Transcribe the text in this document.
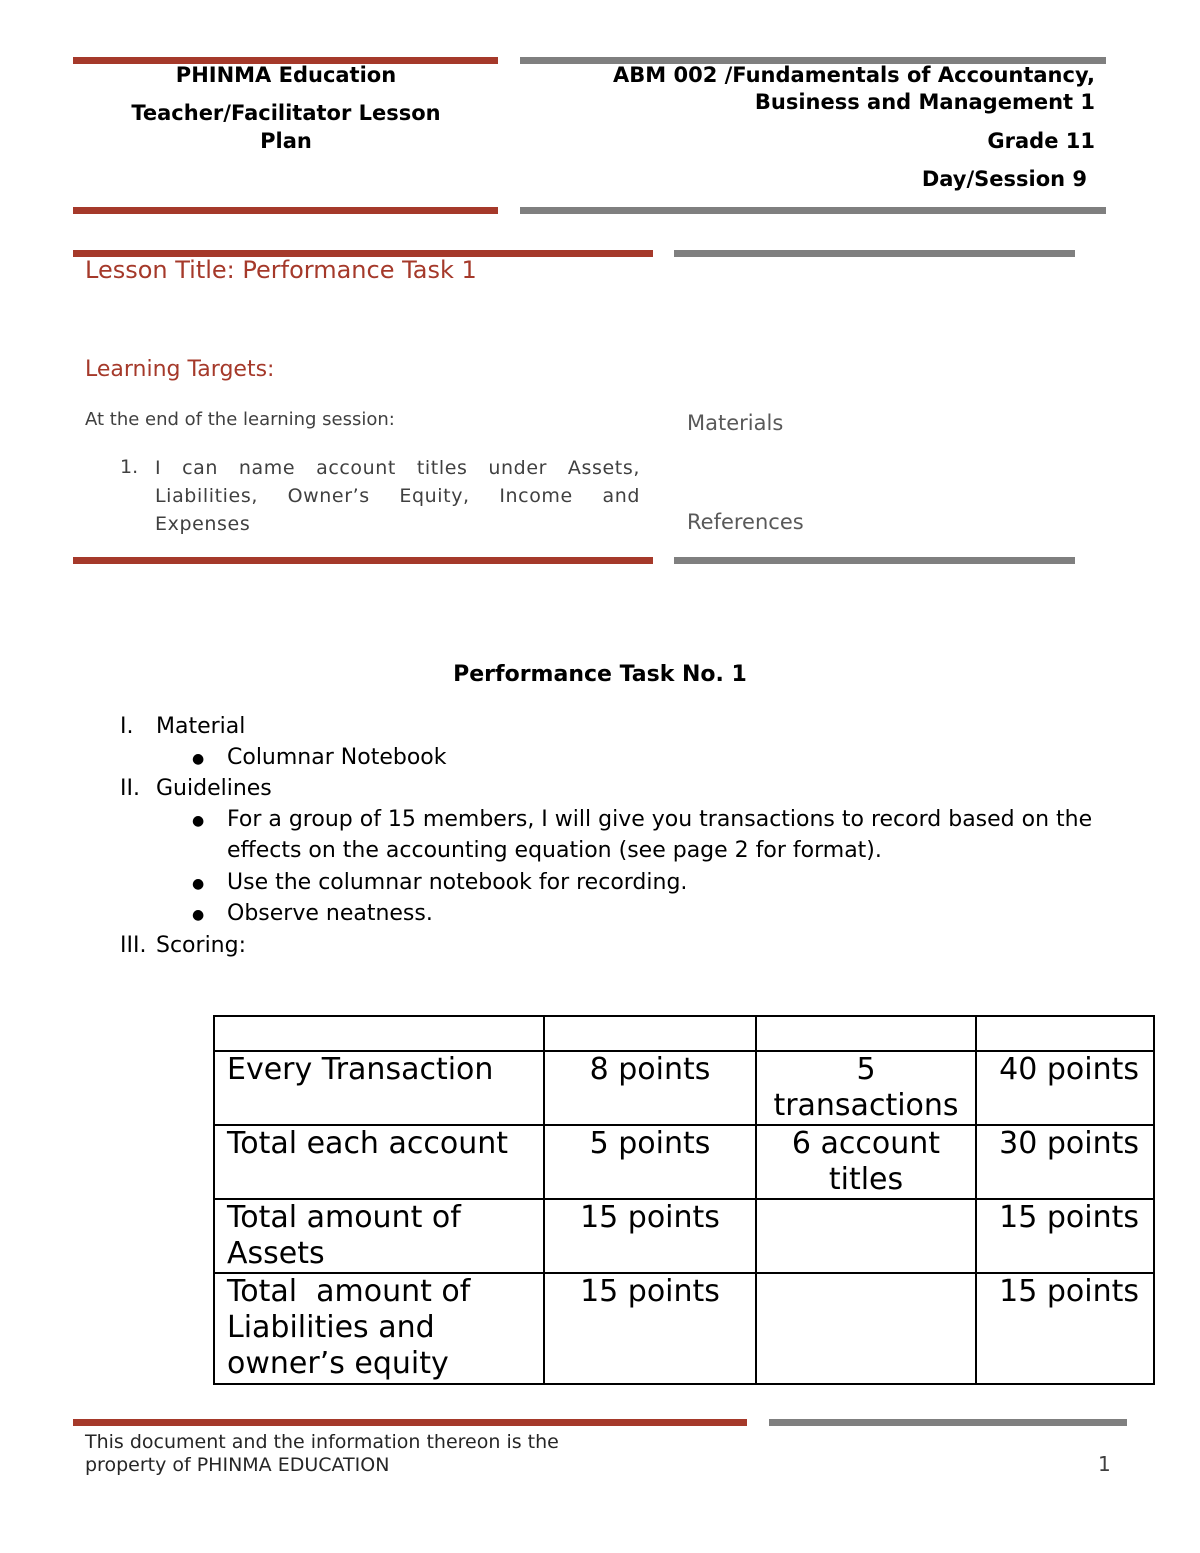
PHINMA Education
Teacher/Facilitator Lesson
Plan
ABM 002 /Fundamentals of Accountancy,
Business and Management 1
Grade 11
Day/Session 9
Lesson Title: Performance Task 1
Learning Targets:
At the end of the learning session:
1. I can name account titles under Assets, Liabilities, Owner’s Equity, Income and Expenses
Materials
References
Performance Task No. 1
I. Material
● Columnar Notebook
II. Guidelines
● For a group of 15 members, I will give you transactions to record based on the effects on the accounting equation (see page 2 for format).
● Use the columnar notebook for recording.
● Observe neatness.
III. Scoring:

Every Transaction	8 points	5 transactions	40 points
Total each account	5 points	6 account titles	30 points
Total amount of Assets	15 points		15 points
Total  amount of Liabilities and owner’s equity	15 points		15 points
This document and the information thereon is the
property of PHINMA EDUCATION	1
